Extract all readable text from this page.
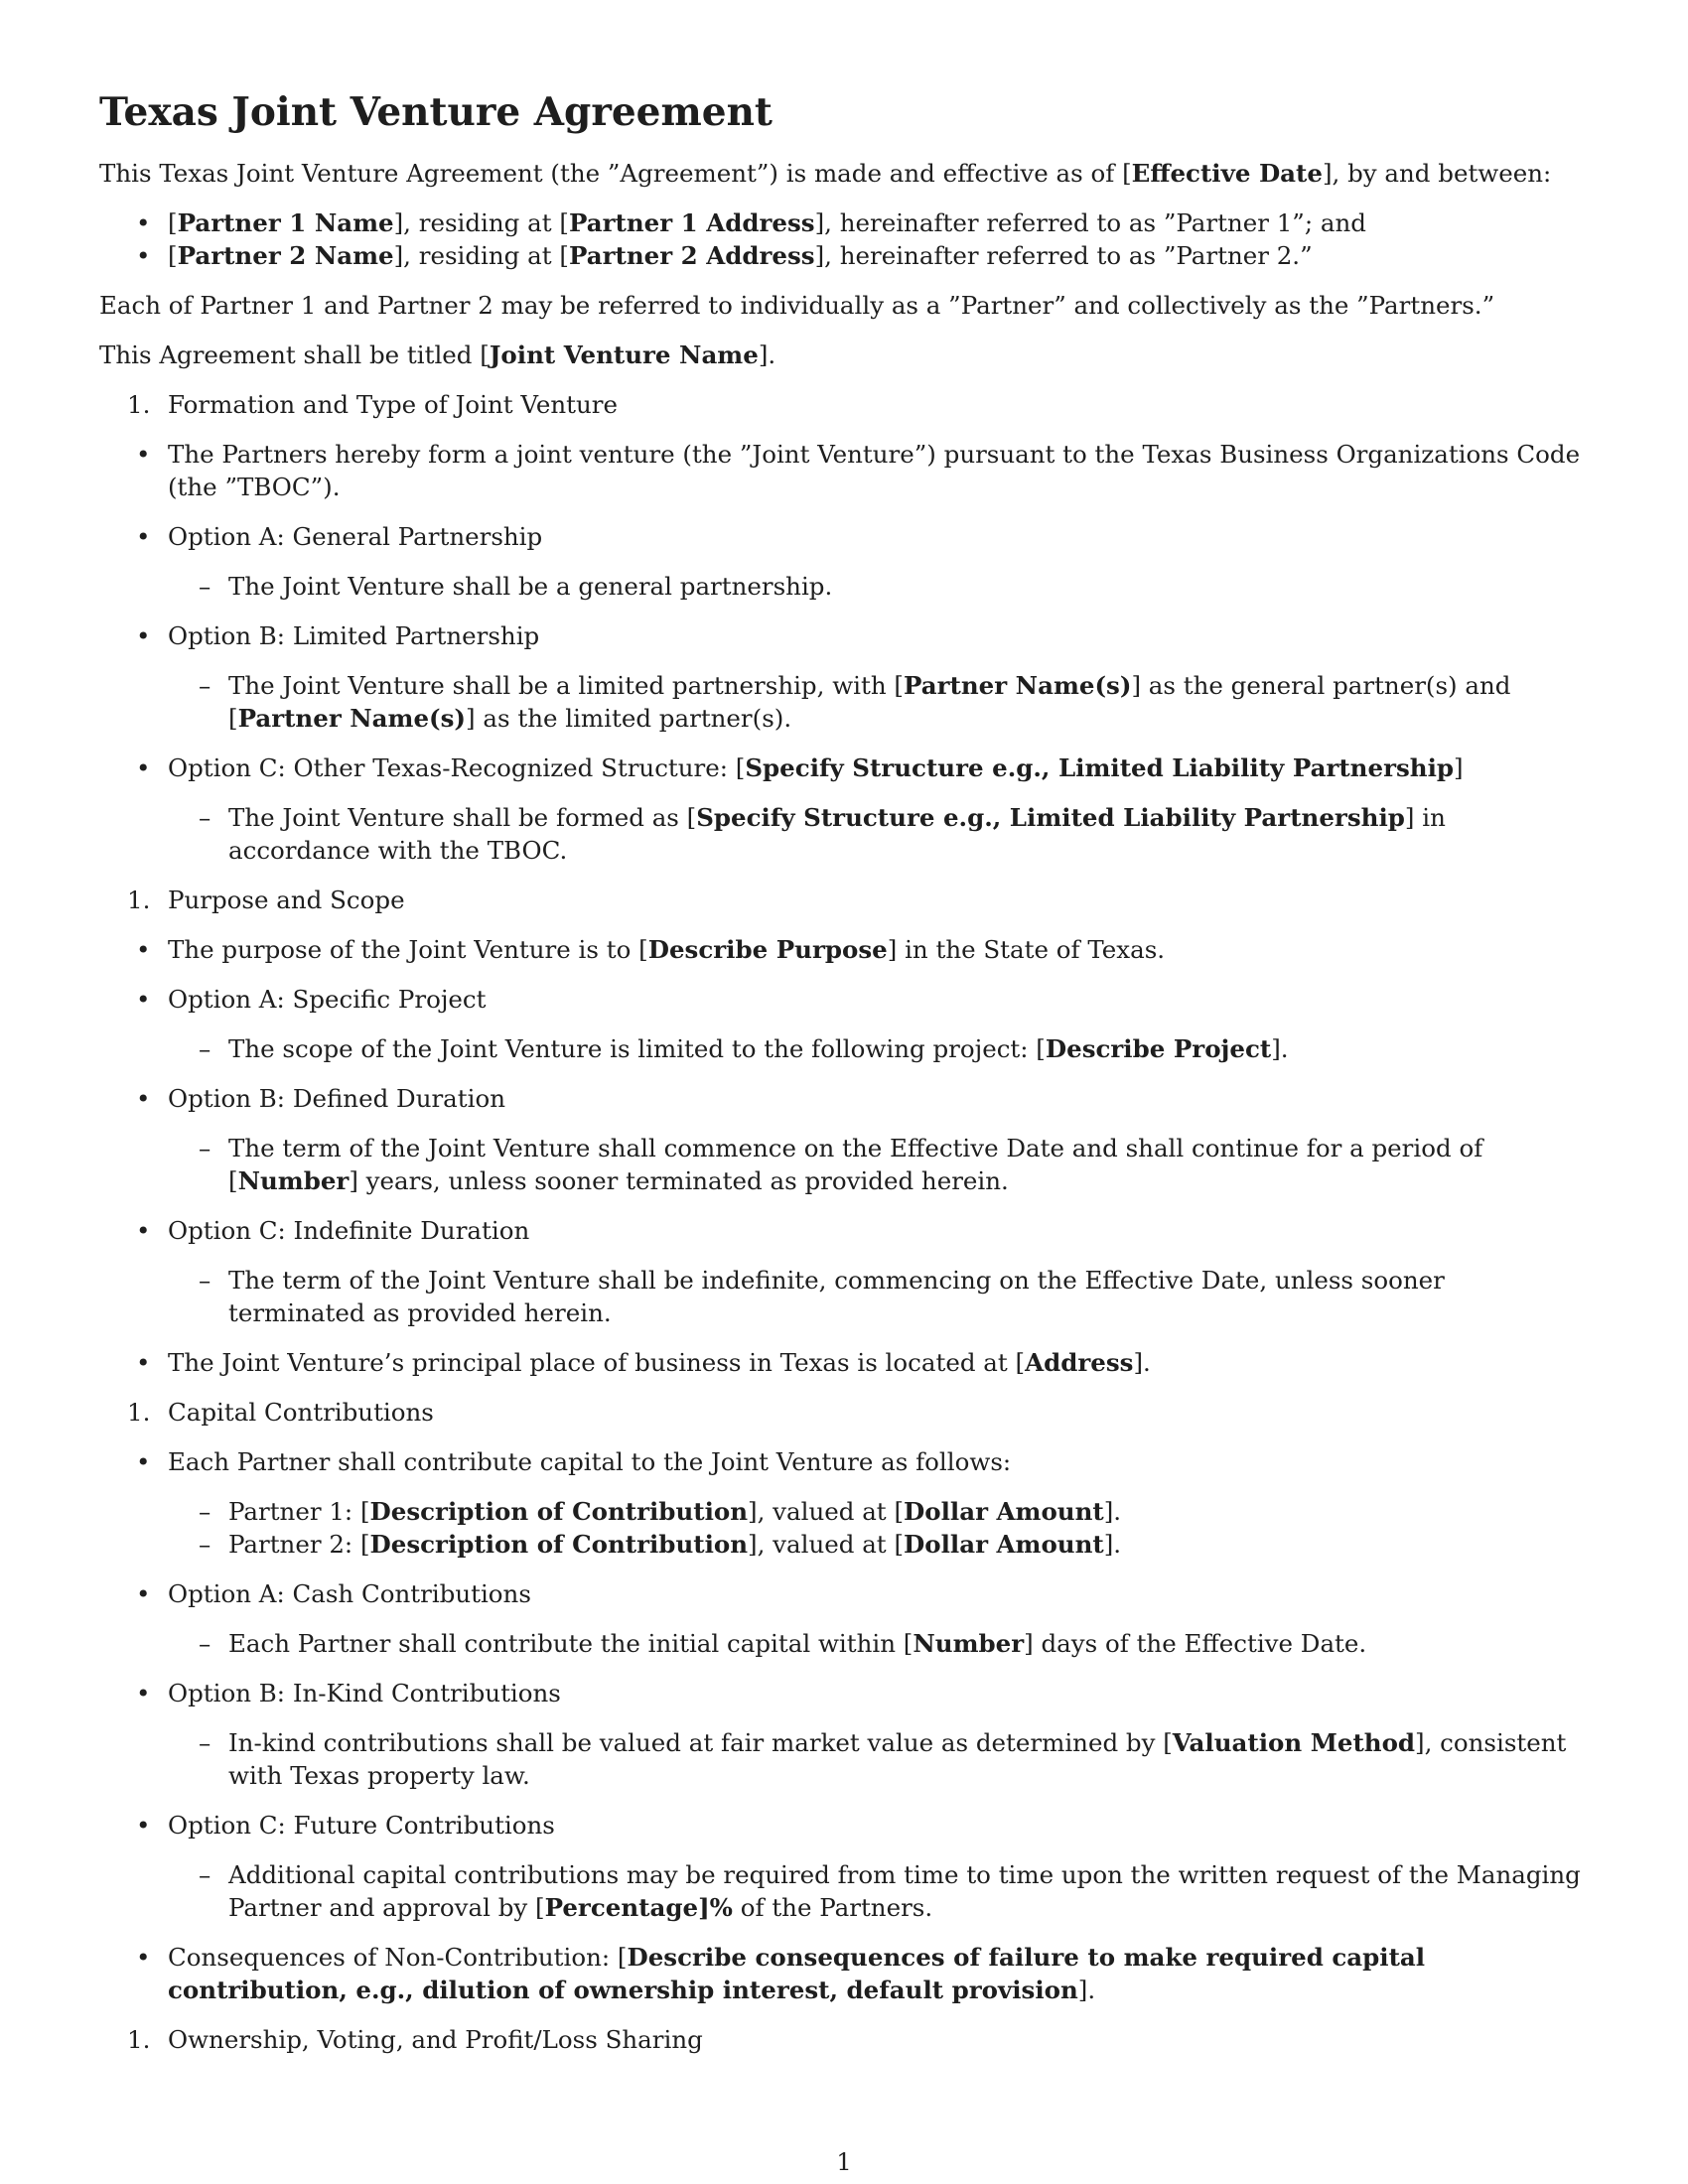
Texas Joint Venture Agreement

This Texas Joint Venture Agreement (the ”Agreement”) is made and effective as of [Effective Date], by and between:

• [Partner 1 Name], residing at [Partner 1 Address], hereinafter referred to as ”Partner 1”; and
• [Partner 2 Name], residing at [Partner 2 Address], hereinafter referred to as ”Partner 2.”

Each of Partner 1 and Partner 2 may be referred to individually as a ”Partner” and collectively as the ”Partners.”

This Agreement shall be titled [Joint Venture Name].

1. Formation and Type of Joint Venture
• The Partners hereby form a joint venture (the ”Joint Venture”) pursuant to the Texas Business Organizations Code (the ”TBOC”).
• Option A: General Partnership
– The Joint Venture shall be a general partnership.
• Option B: Limited Partnership
– The Joint Venture shall be a limited partnership, with [Partner Name(s)] as the general partner(s) and [Partner Name(s)] as the limited partner(s).
• Option C: Other Texas-Recognized Structure: [Specify Structure e.g., Limited Liability Partnership]
– The Joint Venture shall be formed as [Specify Structure e.g., Limited Liability Partnership] in accordance with the TBOC.
1. Purpose and Scope
• The purpose of the Joint Venture is to [Describe Purpose] in the State of Texas.
• Option A: Specific Project
– The scope of the Joint Venture is limited to the following project: [Describe Project].
• Option B: Defined Duration
– The term of the Joint Venture shall commence on the Effective Date and shall continue for a period of [Number] years, unless sooner terminated as provided herein.
• Option C: Indefinite Duration
– The term of the Joint Venture shall be indefinite, commencing on the Effective Date, unless sooner terminated as provided herein.
• The Joint Venture’s principal place of business in Texas is located at [Address].
1. Capital Contributions
• Each Partner shall contribute capital to the Joint Venture as follows:
– Partner 1: [Description of Contribution], valued at [Dollar Amount].
– Partner 2: [Description of Contribution], valued at [Dollar Amount].
• Option A: Cash Contributions
– Each Partner shall contribute the initial capital within [Number] days of the Effective Date.
• Option B: In-Kind Contributions
– In-kind contributions shall be valued at fair market value as determined by [Valuation Method], consistent with Texas property law.
• Option C: Future Contributions
– Additional capital contributions may be required from time to time upon the written request of the Managing Partner and approval by [Percentage]% of the Partners.
• Consequences of Non-Contribution: [Describe consequences of failure to make required capital contribution, e.g., dilution of ownership interest, default provision].
1. Ownership, Voting, and Profit/Loss Sharing
1
